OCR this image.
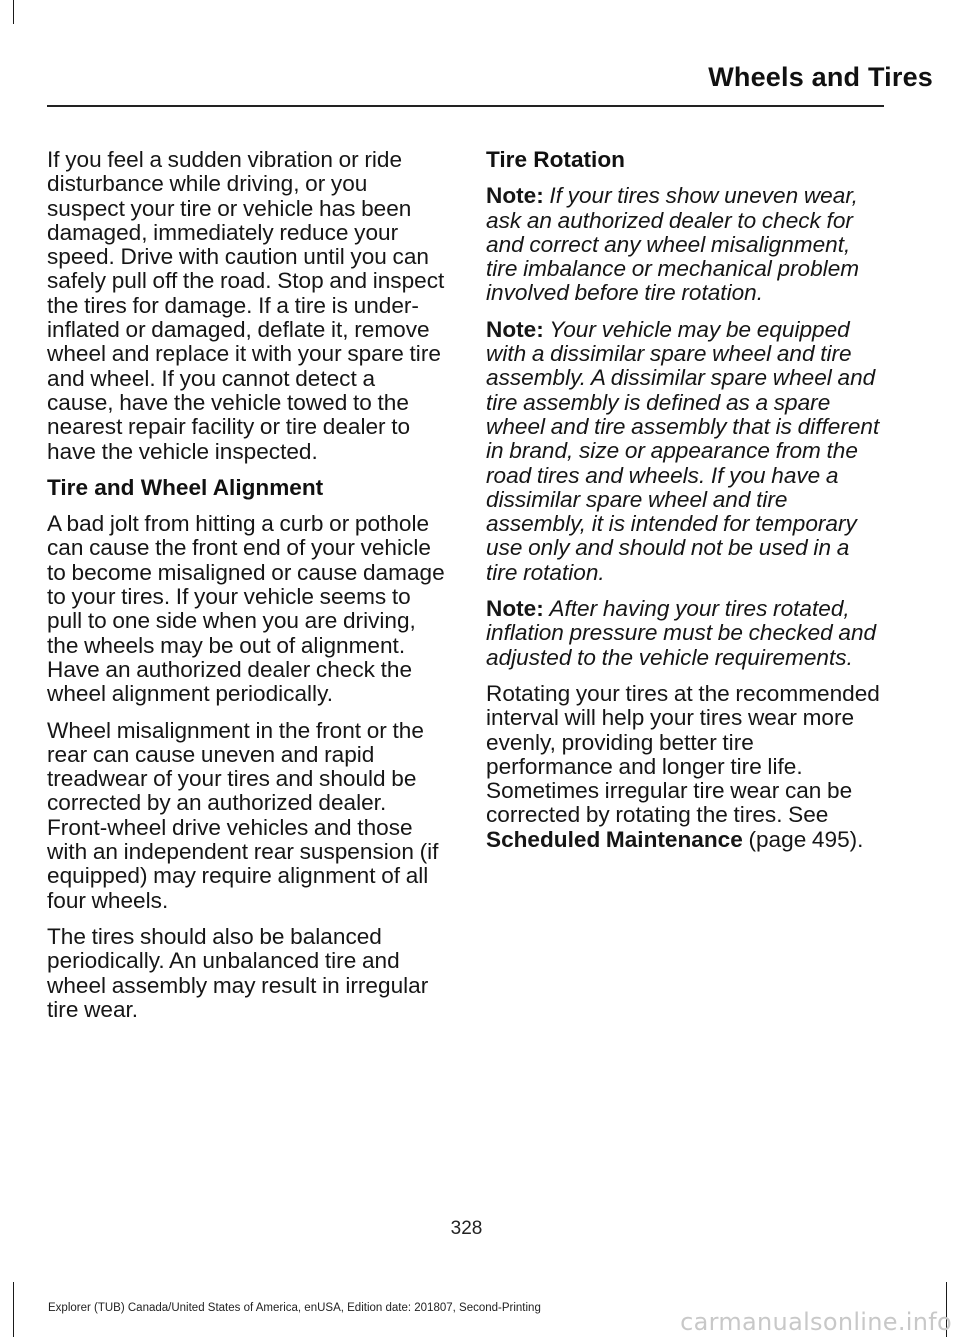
Wheels and Tires

If you feel a sudden vibration or ride disturbance while driving, or you suspect your tire or vehicle has been damaged, immediately reduce your speed. Drive with caution until you can safely pull off the road. Stop and inspect the tires for damage. If a tire is under-inflated or damaged, deflate it, remove wheel and replace it with your spare tire and wheel. If you cannot detect a cause, have the vehicle towed to the nearest repair facility or tire dealer to have the vehicle inspected.

Tire and Wheel Alignment

A bad jolt from hitting a curb or pothole can cause the front end of your vehicle to become misaligned or cause damage to your tires. If your vehicle seems to pull to one side when you are driving, the wheels may be out of alignment. Have an authorized dealer check the wheel alignment periodically.

Wheel misalignment in the front or the rear can cause uneven and rapid treadwear of your tires and should be corrected by an authorized dealer. Front-wheel drive vehicles and those with an independent rear suspension (if equipped) may require alignment of all four wheels.

The tires should also be balanced periodically. An unbalanced tire and wheel assembly may result in irregular tire wear.

Tire Rotation

Note: If your tires show uneven wear, ask an authorized dealer to check for and correct any wheel misalignment, tire imbalance or mechanical problem involved before tire rotation.

Note: Your vehicle may be equipped with a dissimilar spare wheel and tire assembly. A dissimilar spare wheel and tire assembly is defined as a spare wheel and tire assembly that is different in brand, size or appearance from the road tires and wheels. If you have a dissimilar spare wheel and tire assembly, it is intended for temporary use only and should not be used in a tire rotation.

Note: After having your tires rotated, inflation pressure must be checked and adjusted to the vehicle requirements.

Rotating your tires at the recommended interval will help your tires wear more evenly, providing better tire performance and longer tire life. Sometimes irregular tire wear can be corrected by rotating the tires. See Scheduled Maintenance (page 495).

328
Explorer (TUB) Canada/United States of America, enUSA, Edition date: 201807, Second-Printing	carmanualsonline.info
